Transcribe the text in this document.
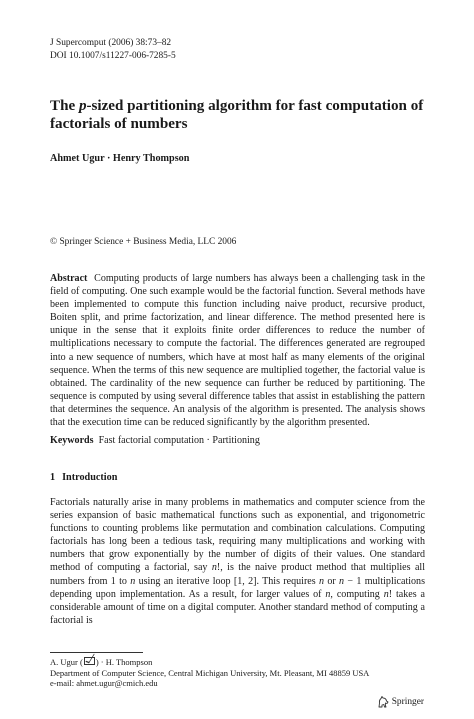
J Supercomput (2006) 38:73–82
DOI 10.1007/s11227-006-7285-5
The p-sized partitioning algorithm for fast computation of factorials of numbers
Ahmet Ugur · Henry Thompson
© Springer Science + Business Media, LLC 2006

Abstract Computing products of large numbers has always been a challenging task in the field of computing. One such example would be the factorial function. Several methods have been implemented to compute this function including naive product, recursive product, Boiten split, and prime factorization, and linear difference. The method presented here is unique in the sense that it exploits finite order differences to reduce the number of multiplications necessary to compute the factorial. The differences generated are regrouped into a new sequence of numbers, which have at most half as many elements of the original sequence. When the terms of this new sequence are multiplied together, the factorial value is obtained. The cardinality of the new sequence can further be reduced by partitioning. The sequence is computed by using several difference tables that assist in establishing the pattern that determines the sequence. An analysis of the algorithm is presented. The analysis shows that the execution time can be reduced significantly by the algorithm presented.

Keywords Fast factorial computation · Partitioning
1 Introduction

Factorials naturally arise in many problems in mathematics and computer science from the series expansion of basic mathematical functions such as exponential, and trigonometric functions to counting problems like permutation and combination calculations. Computing factorials has long been a tedious task, requiring many multiplications and working with numbers that grow exponentially by the number of digits of their values. One standard method of computing a factorial, say n!, is the naive product method that multiplies all numbers from 1 to n using an iterative loop [1, 2]. This requires n or n − 1 multiplications depending upon implementation. As a result, for larger values of n, computing n! takes a considerable amount of time on a digital computer. Another standard method of computing a factorial is

A. Ugur ( ) · H. Thompson
Department of Computer Science, Central Michigan University, Mt. Pleasant, MI 48859 USA
e-mail: ahmet.ugur@cmich.edu
Springer
